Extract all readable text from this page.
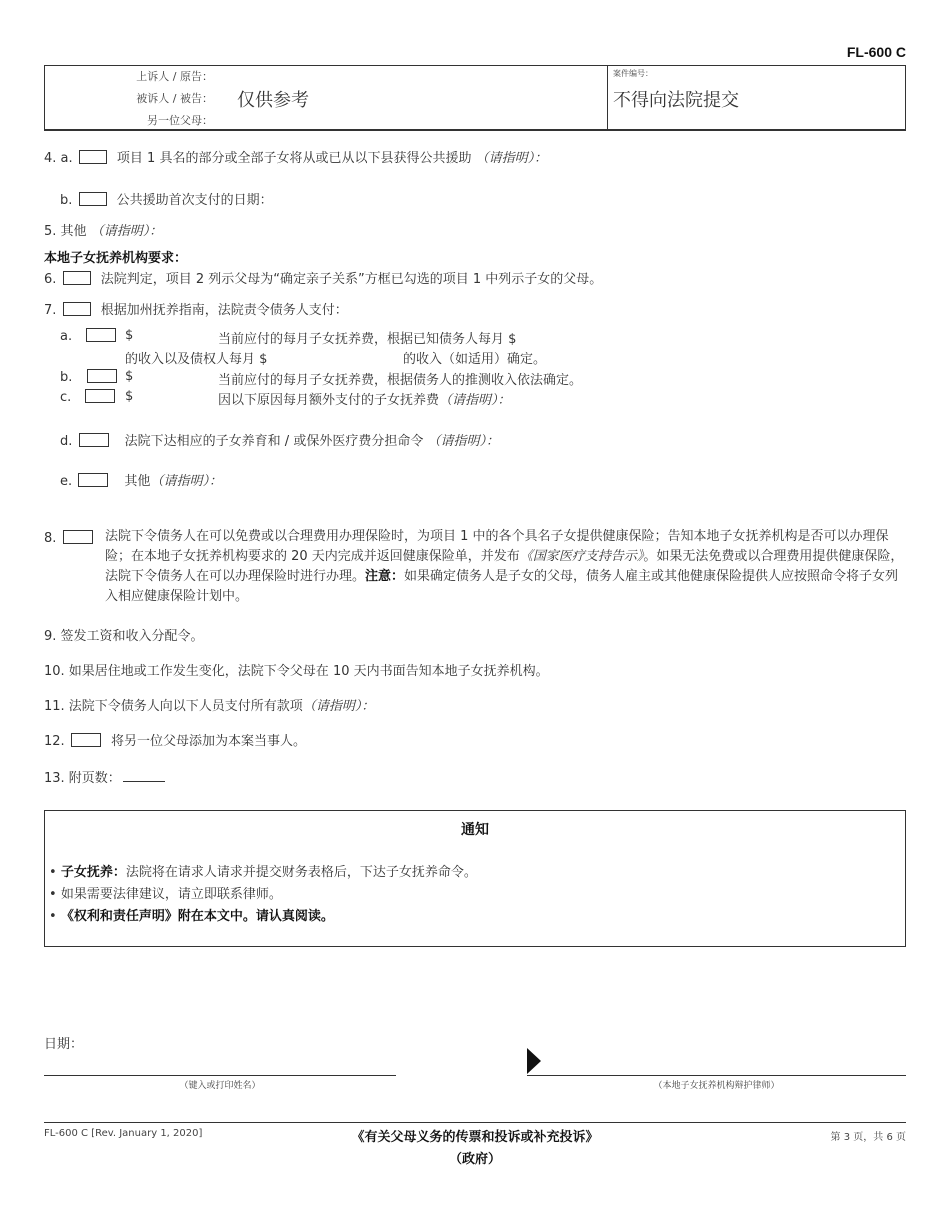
FL-600 C
上诉人 / 原告：
被诉人 / 被告：
另一位父母：
仅供参考
案件编号：
不得向法院提交
4. a.	项目 1 具名的部分或全部子女将从或已从以下县获得公共援助 （请指明）：
b.	公共援助首次支付的日期：
5. 其他 （请指明）：
本地子女抚养机构要求：
6.	法院判定，项目 2 列示父母为“确定亲子关系”方框已勾选的项目 1 中列示子女的父母。
7.	根据加州抚养指南，法院责令债务人支付：
a.	$	当前应付的每月子女抚养费，根据已知债务人每月 $
的收入以及债权人每月 $	的收入（如适用）确定。
b.	$	当前应付的每月子女抚养费，根据债务人的推测收入依法确定。
c.	$	因以下原因每月额外支付的子女抚养费（请指明）：
d.	法院下达相应的子女养育和 / 或保外医疗费分担命令 （请指明）：
e.	其他（请指明）：
8.	法院下令债务人在可以免费或以合理费用办理保险时，为项目 1 中的各个具名子女提供健康保险；告知本地子女抚养机构是否可以办理保险；在本地子女抚养机构要求的 20 天内完成并返回健康保险单，并发布《国家医疗支持告示》。如果无法免费或以合理费用提供健康保险，法院下令债务人在可以办理保险时进行办理。注意：如果确定债务人是子女的父母，债务人雇主或其他健康保险提供人应按照命令将子女列入相应健康保险计划中。
9. 签发工资和收入分配令。
10. 如果居住地或工作发生变化，法院下令父母在 10 天内书面告知本地子女抚养机构。
11. 法院下令债务人向以下人员支付所有款项（请指明）：
12.	将另一位父母添加为本案当事人。
13. 附页数：
通知
• 子女抚养：法院将在请求人请求并提交财务表格后，下达子女抚养命令。
• 如果需要法律建议，请立即联系律师。
• 《权利和责任声明》附在本文中。请认真阅读。
日期：
（键入或打印姓名）	（本地子女抚养机构辩护律师）
FL-600 C [Rev. January 1, 2020]	《有关父母义务的传票和投诉或补充投诉》
（政府）
第 3 页，共 6 页
